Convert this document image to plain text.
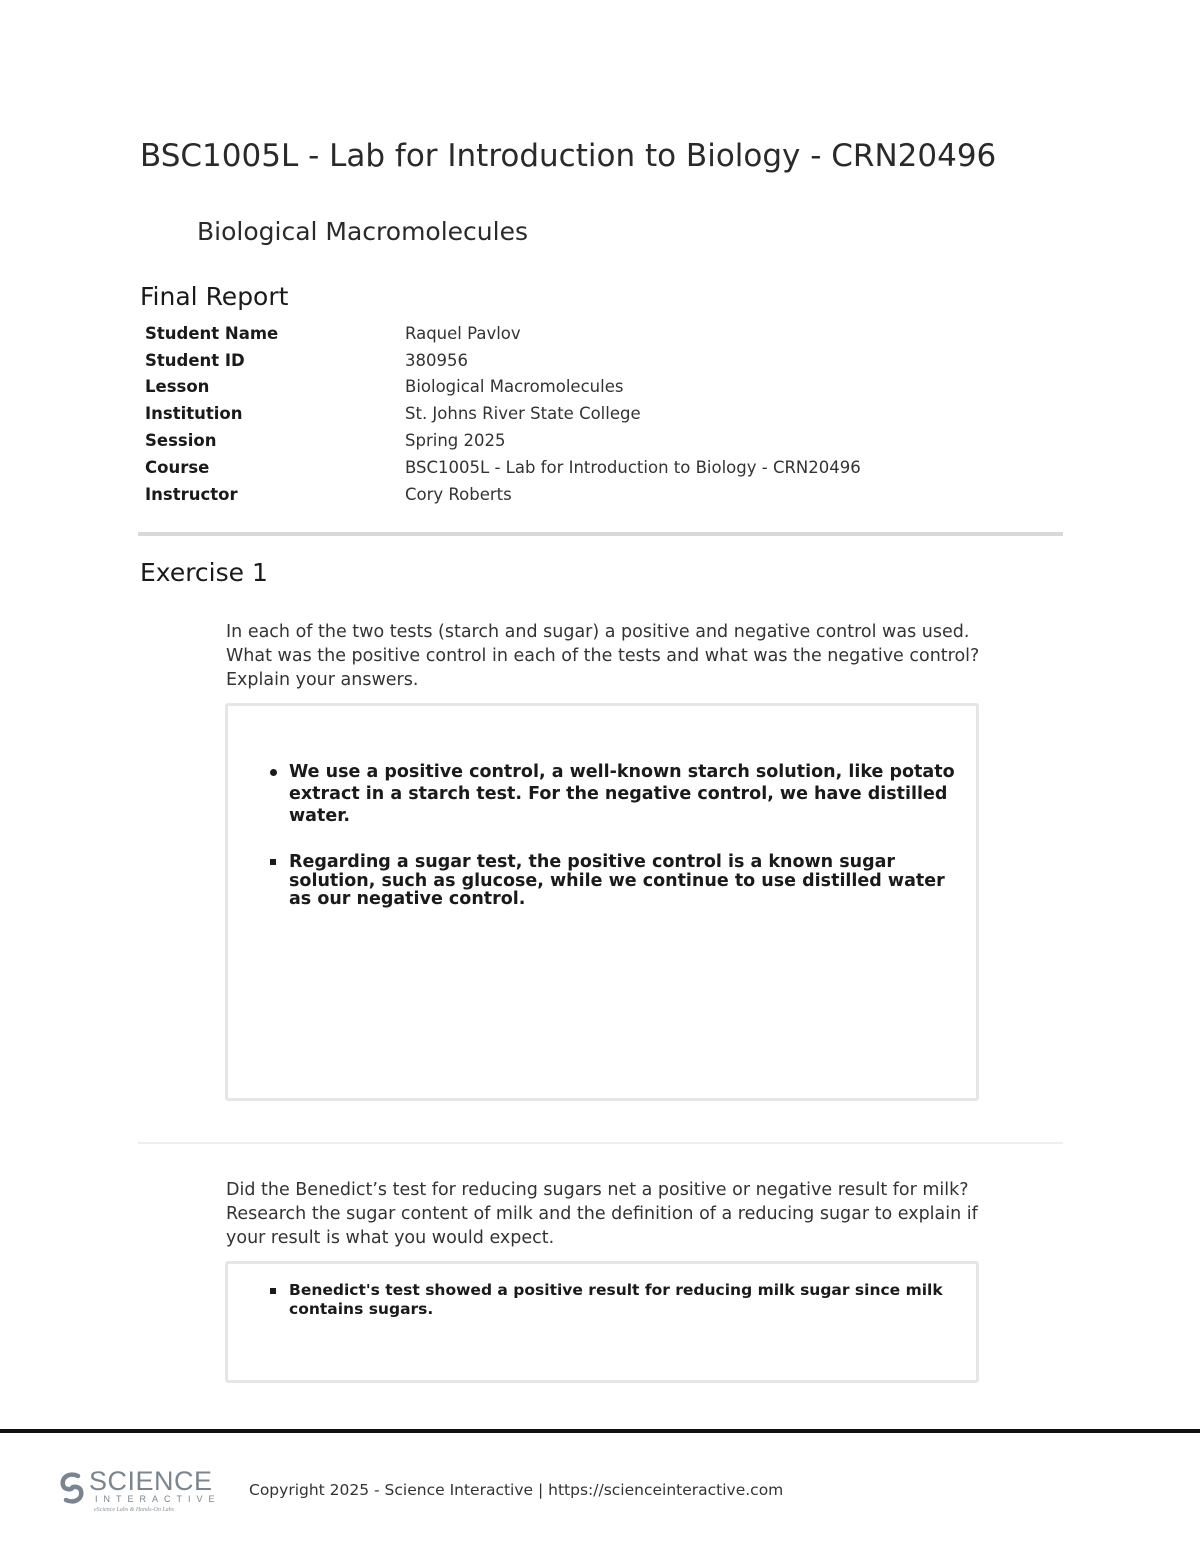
BSC1005L - Lab for Introduction to Biology - CRN20496
Biological Macromolecules
Final Report
Student Name	Raquel Pavlov
Student ID	380956
Lesson	Biological Macromolecules
Institution	St. Johns River State College
Session	Spring 2025
Course	BSC1005L - Lab for Introduction to Biology - CRN20496
Instructor	Cory Roberts
Exercise 1
In each of the two tests (starch and sugar) a positive and negative control was used. What was the positive control in each of the tests and what was the negative control? Explain your answers.
We use a positive control, a well-known starch solution, like potato extract in a starch test. For the negative control, we have distilled water.
Regarding a sugar test, the positive control is a known sugar solution, such as glucose, while we continue to use distilled water as our negative control.
Did the Benedict’s test for reducing sugars net a positive or negative result for milk? Research the sugar content of milk and the definition of a reducing sugar to explain if your result is what you would expect.
Benedict's test showed a positive result for reducing milk sugar since milk contains sugars.
SCIENCE
INTERACTIVE
eScience Labs & Hands-On Labs
Copyright 2025 - Science Interactive | https://scienceinteractive.com
